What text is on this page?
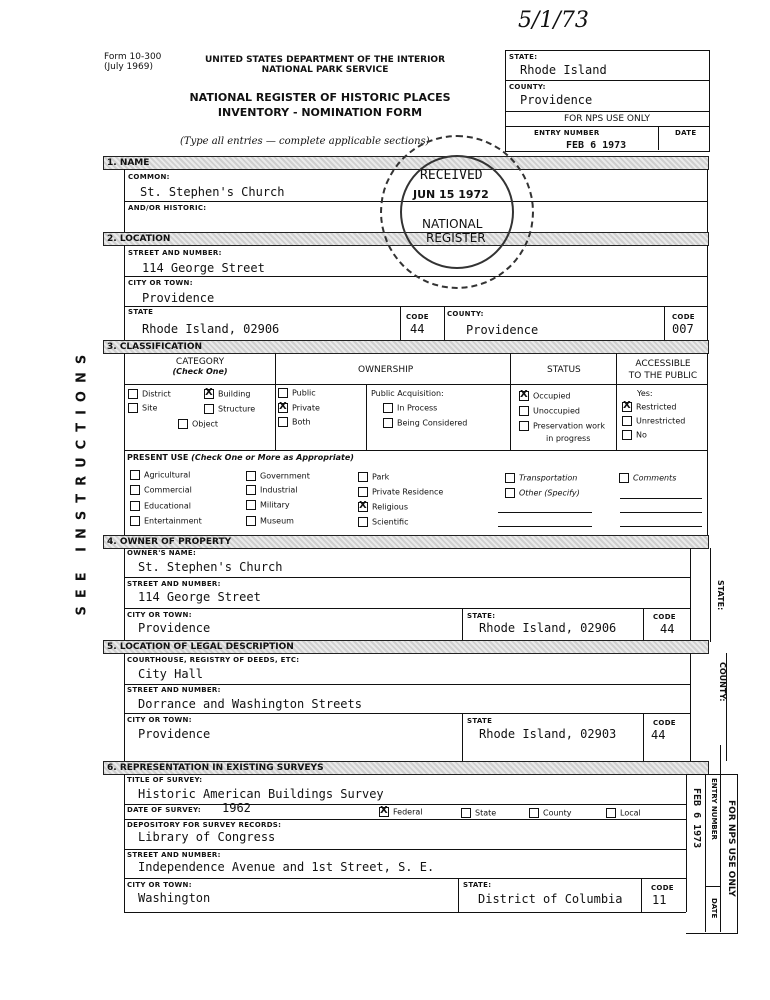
5/1/73
Form 10-300
(July 1969)
UNITED STATES DEPARTMENT OF THE INTERIOR
NATIONAL PARK SERVICE
NATIONAL REGISTER OF HISTORIC PLACES
INVENTORY - NOMINATION FORM
(Type all entries — complete applicable sections)
STATE:
Rhode Island
COUNTY:
Providence
FOR NPS USE ONLY
ENTRY NUMBER	DATE
FEB 6 1973
SEE INSTRUCTIONS
1. NAME
COMMON:
St. Stephen's Church
AND/OR HISTORIC:
2. LOCATION
STREET AND NUMBER:
114 George Street
CITY OR TOWN:
Providence
STATE
Rhode Island, 02906
CODE
44
COUNTY:
Providence
CODE
007
RECEIVED
JUN 15 1972
NATIONAL
REGISTER
3. CLASSIFICATION
CATEGORY
(Check One)	OWNERSHIP	STATUS
ACCESSIBLE
TO THE PUBLIC
District X	Building
Site	Structure
Object
Public
XPrivate
Both
Public Acquisition:
In Process
Being Considered
XOccupied
Unoccupied
Preservation work
in progress
Yes:
XRestricted
Unrestricted
No
PRESENT USE (Check One or More as Appropriate)
Agricultural
Commercial
Educational
Entertainment
Government
Industrial
Military
Museum
Park
Private Residence
XReligious
Scientific
Transportation
Other (Specify)
Comments
4. OWNER OF PROPERTY
OWNER'S NAME:
St. Stephen's Church
STREET AND NUMBER:
114 George Street
CITY OR TOWN:
Providence
STATE:
Rhode Island, 02906
CODE
44
STATE:
5. LOCATION OF LEGAL DESCRIPTION
COURTHOUSE, REGISTRY OF DEEDS, ETC:
City Hall
STREET AND NUMBER:
Dorrance and Washington Streets
CITY OR TOWN:
Providence
STATE
Rhode Island, 02903
CODE
44
COUNTY:
6. REPRESENTATION IN EXISTING SURVEYS
TITLE OF SURVEY:
Historic American Buildings Survey
DATE OF SURVEY: 1962 X	Federal	State	County	Local
DEPOSITORY FOR SURVEY RECORDS:
Library of Congress
STREET AND NUMBER:
Independence Avenue and 1st Street, S. E.
CITY OR TOWN:
Washington
STATE:
District of Columbia
CODE
11
ENTRY NUMBER
DATE
FOR NPS USE ONLY
FEB 6 1973
